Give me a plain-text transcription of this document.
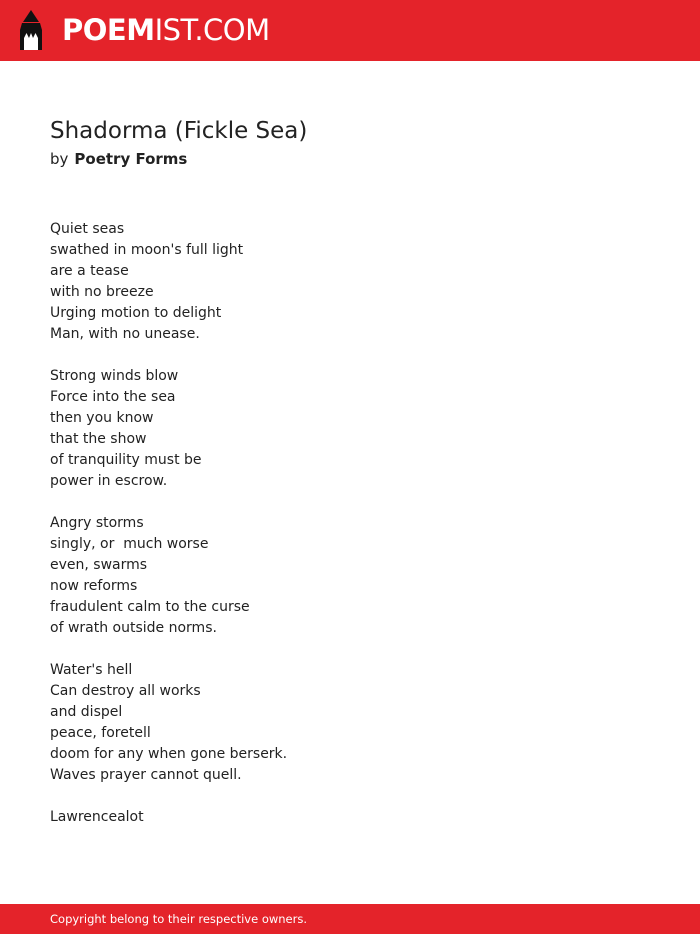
POEMIST.COM
Shadorma (Fickle Sea)
by Poetry Forms
Quiet seas
swathed in moon's full light
are a tease
with no breeze
Urging motion to delight
Man, with no unease.
Strong winds blow
Force into the sea
then you know
that the show
of tranquility must be
power in escrow.
Angry storms
singly, or  much worse
even, swarms
now reforms
fraudulent calm to the curse
of wrath outside norms.
Water's hell
Can destroy all works
and dispel
peace, foretell
doom for any when gone berserk.
Waves prayer cannot quell.
Lawrencealot
Copyright belong to their respective owners.
